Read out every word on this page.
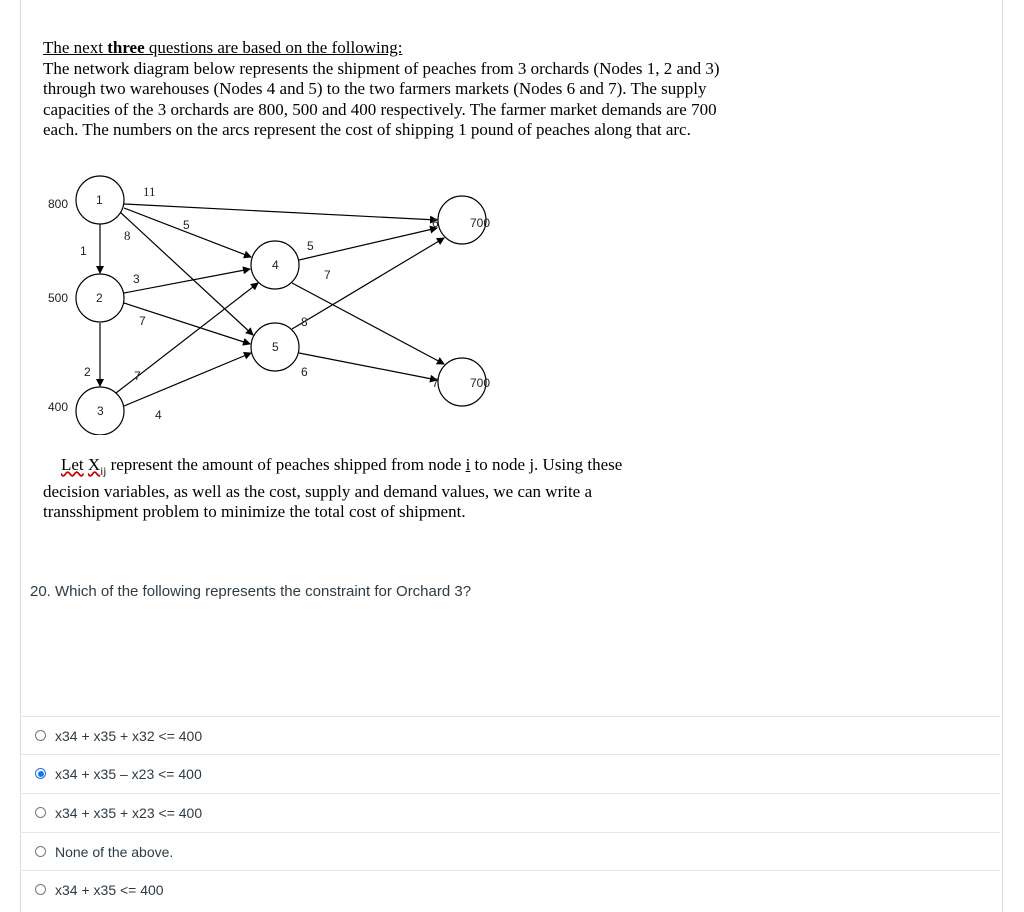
The next three questions are based on the following:
The network diagram below represents the shipment of peaches from 3 orchards (Nodes 1, 2 and 3) through two warehouses (Nodes 4 and 5) to the two farmers markets (Nodes 6 and 7). The supply capacities of the 3 orchards are 800, 500 and 400 respectively. The farmer market demands are 700 each. The numbers on the arcs represent the cost of shipping 1 pound of peaches along that arc.
1
800
2
500
3
400
4
5
6	700
7	700
11
8
5
1
3
7
2	7
4
5
8
7
6
Let $X_{ij}$ represent the amount of peaches shipped from node i to node j. Using these decision variables, as well as the cost, supply and demand values, we can write a transshipment problem to minimize the total cost of shipment.
20. Which of the following represents the constraint for Orchard 3?
x34 + x35 + x32 <= 400
x34 + x35 – x23 <= 400
x34 + x35 + x23 <= 400
None of the above.
x34 + x35 <= 400
